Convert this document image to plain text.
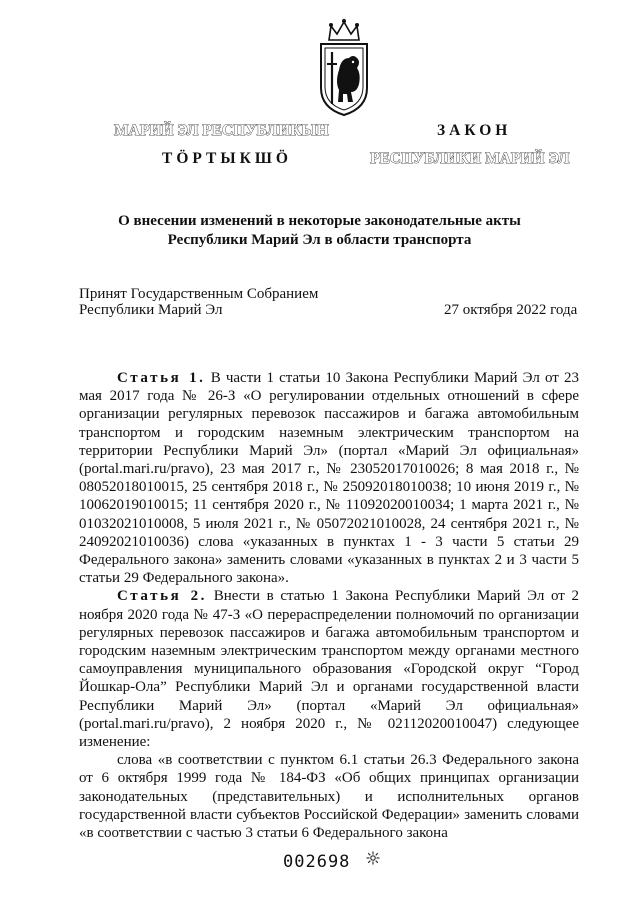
МАРИЙ ЭЛ РЕСПУБЛИКЫН
ТӦРТЫКШӦ
ЗАКОН
РЕСПУБЛИКИ МАРИЙ ЭЛ
О внесении изменений в некоторые законодательные акты
Республики Марий Эл в области транспорта
Принят Государственным Собранием
Республики Марий Эл	27 октября 2022 года

Статья 1. В части 1 статьи 10 Закона Республики Марий Эл от 23 мая 2017 года № 26-З «О регулировании отдельных отношений в сфере организации регулярных перевозок пассажиров и багажа автомобильным транспортом и городским наземным электрическим транспортом на территории Республики Марий Эл» (портал «Марий Эл официальная» (portal.mari.ru/pravo), 23 мая 2017 г., № 23052017010026; 8 мая 2018 г., № 08052018010015, 25 сентября 2018 г., № 25092018010038; 10 июня 2019 г., № 10062019010015; 11 сентября 2020 г., № 11092020010034; 1 марта 2021 г., № 01032021010008, 5 июля 2021 г., № 05072021010028, 24 сентября 2021 г., № 24092021010036) слова «указанных в пунктах 1 - 3 части 5 статьи 29 Федерального закона» заменить словами «указанных в пунктах 2 и 3 части 5 статьи 29 Федерального закона».

Статья 2. Внести в статью 1 Закона Республики Марий Эл от 2 ноября 2020 года № 47-З «О перераспределении полномочий по организации регулярных перевозок пассажиров и багажа автомобильным транспортом и городским наземным электрическим транспортом между органами местного самоуправления муниципального образования «Городской округ “Город Йошкар-Ола” Республики Марий Эл и органами государственной власти Республики Марий Эл» (портал «Марий Эл официальная» (portal.mari.ru/pravo), 2 ноября 2020 г., № 02112020010047) следующее изменение:

слова «в соответствии с пунктом 6.1 статьи 26.3 Федерального закона от 6 октября 1999 года № 184-ФЗ «Об общих принципах организации законодательных (представительных) и исполнительных органов государственной власти субъектов Российской Федерации» заменить словами «в соответствии с частью 3 статьи 6 Федерального закона

002698
